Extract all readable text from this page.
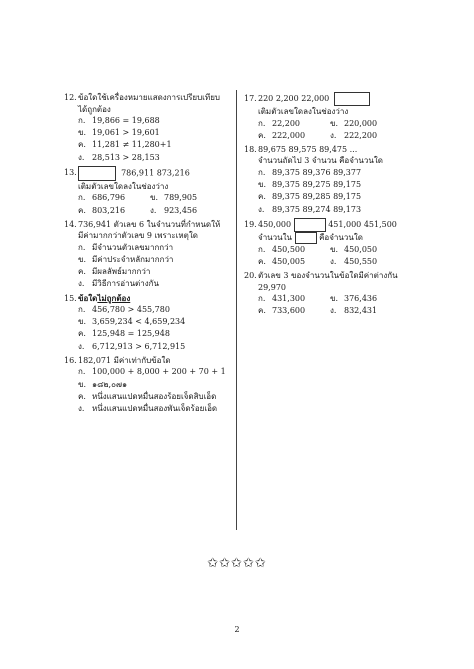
12.ข้อใดใช้เครื่องหมายแสดงการเปรียบเทียบ
ได้ถูกต้อง
ก. 19,866 = 19,688
ข. 19,061 > 19,601
ค. 11,281 ≠ 11,280+1
ง. 28,513 > 28,153
13.	786,911 873,216
เติมตัวเลขใดลงในช่องว่าง
ก. 686,796	ข. 789,905
ค. 803,216	ง. 923,456
14.736,941 ตัวเลข 6 ในจำนวนที่กำหนดให้
มีค่ามากกว่าตัวเลข 9 เพราะเหตุใด
ก. มีจำนวนตัวเลขมากกว่า
ข. มีค่าประจำหลักมากกว่า
ค. มีผลลัพธ์มากกว่า
ง. มีวิธีการอ่านต่างกัน
15.ข้อใดไม่ถูกต้อง
ก. 456,780 > 455,780
ข. 3,659,234 < 4,659,234
ค. 125,948 = 125,948
ง. 6,712,913 > 6,712,915
16.182,071 มีค่าเท่ากับข้อใด
ก. 100,000 + 8,000 + 200 + 70 + 1
ข. ๑๘๒,๐๗๑
ค. หนึ่งแสนแปดหมื่นสองร้อยเจ็ดสิบเอ็ด
ง. หนึ่งแสนแปดหมื่นสองพันเจ็ดร้อยเอ็ด
17.220 2,200 22,000
เติมตัวเลขใดลงในช่องว่าง
ก. 22,200	ข. 220,000
ค. 222,000	ง. 222,200
18.89,675 89,575 89,475 ...
จำนวนถัดไป 3 จำนวน คือจำนวนใด
ก. 89,375 89,376 89,377
ข. 89,375 89,275 89,175
ค. 89,375 89,285 89,175
ง. 89,375 89,274 89,173
19.450,000	451,000 451,500
จำนวนใน	คือจำนวนใด
ก. 450,500	ข. 450,050
ค. 450,005	ง. 450,550
20.ตัวเลข 3 ของจำนวนในข้อใดมีค่าต่างกัน
29,970
ก. 431,300	ข. 376,436
ค. 733,600	ง. 832,431
✩✩✩✩✩
2
